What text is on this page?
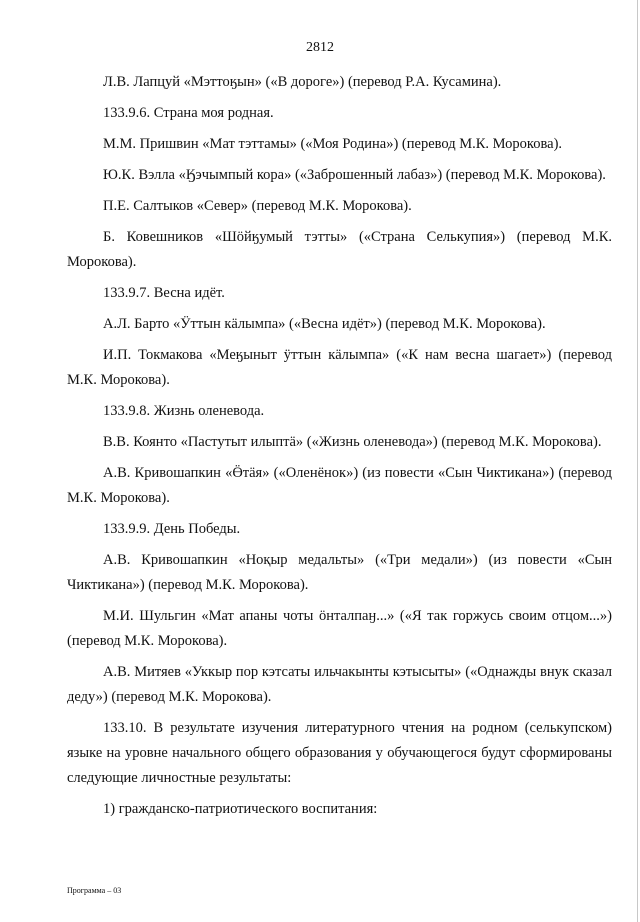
2812

Л.В. Лапцуй «Мэттоӄын» («В дороге») (перевод Р.А. Кусамина).

133.9.6. Страна моя родная.

М.М. Пришвин «Мат тэттамы» («Моя Родина») (перевод М.К. Морокова).

Ю.К. Вэлла «Ӄэчымпый кора» («Заброшенный лабаз») (перевод М.К. Морокова).

П.Е. Салтыков «Север» (перевод М.К. Морокова).

Б. Ковешников «Шӧйӄумый тэтты» («Страна Селькупия») (перевод М.К. Морокова).

133.9.7. Весна идёт.

А.Л. Барто «Ӱттын кӓлымпа» («Весна идёт») (перевод М.К. Морокова).

И.П. Токмакова «Меӄыныт ӱттын кӓлымпа» («К нам весна шагает») (перевод М.К. Морокова).

133.9.8. Жизнь оленевода.

В.В. Коянто «Пастутыт илыптӓ» («Жизнь оленевода») (перевод М.К. Морокова).

А.В. Кривошапкин «Ӫтӓя» («Оленёнок») (из повести «Сын Чиктикана») (перевод М.К. Морокова).

133.9.9. День Победы.

А.В. Кривошапкин «Ноқыр медальты» («Три медали») (из повести «Сын Чиктикана») (перевод М.К. Морокова).

М.И. Шульгин «Мат апаны чоты ӧнталпаӈ...» («Я так горжусь своим отцом...») (перевод М.К. Морокова).

А.В. Митяев «Уккыр пор кэтсаты ильчакынты кэтысыты» («Однажды внук сказал деду») (перевод М.К. Морокова).

133.10. В результате изучения литературного чтения на родном (селькупском) языке на уровне начального общего образования у обучающегося будут сформированы следующие личностные результаты:

1) гражданско-патриотического воспитания:

Программа – 03
